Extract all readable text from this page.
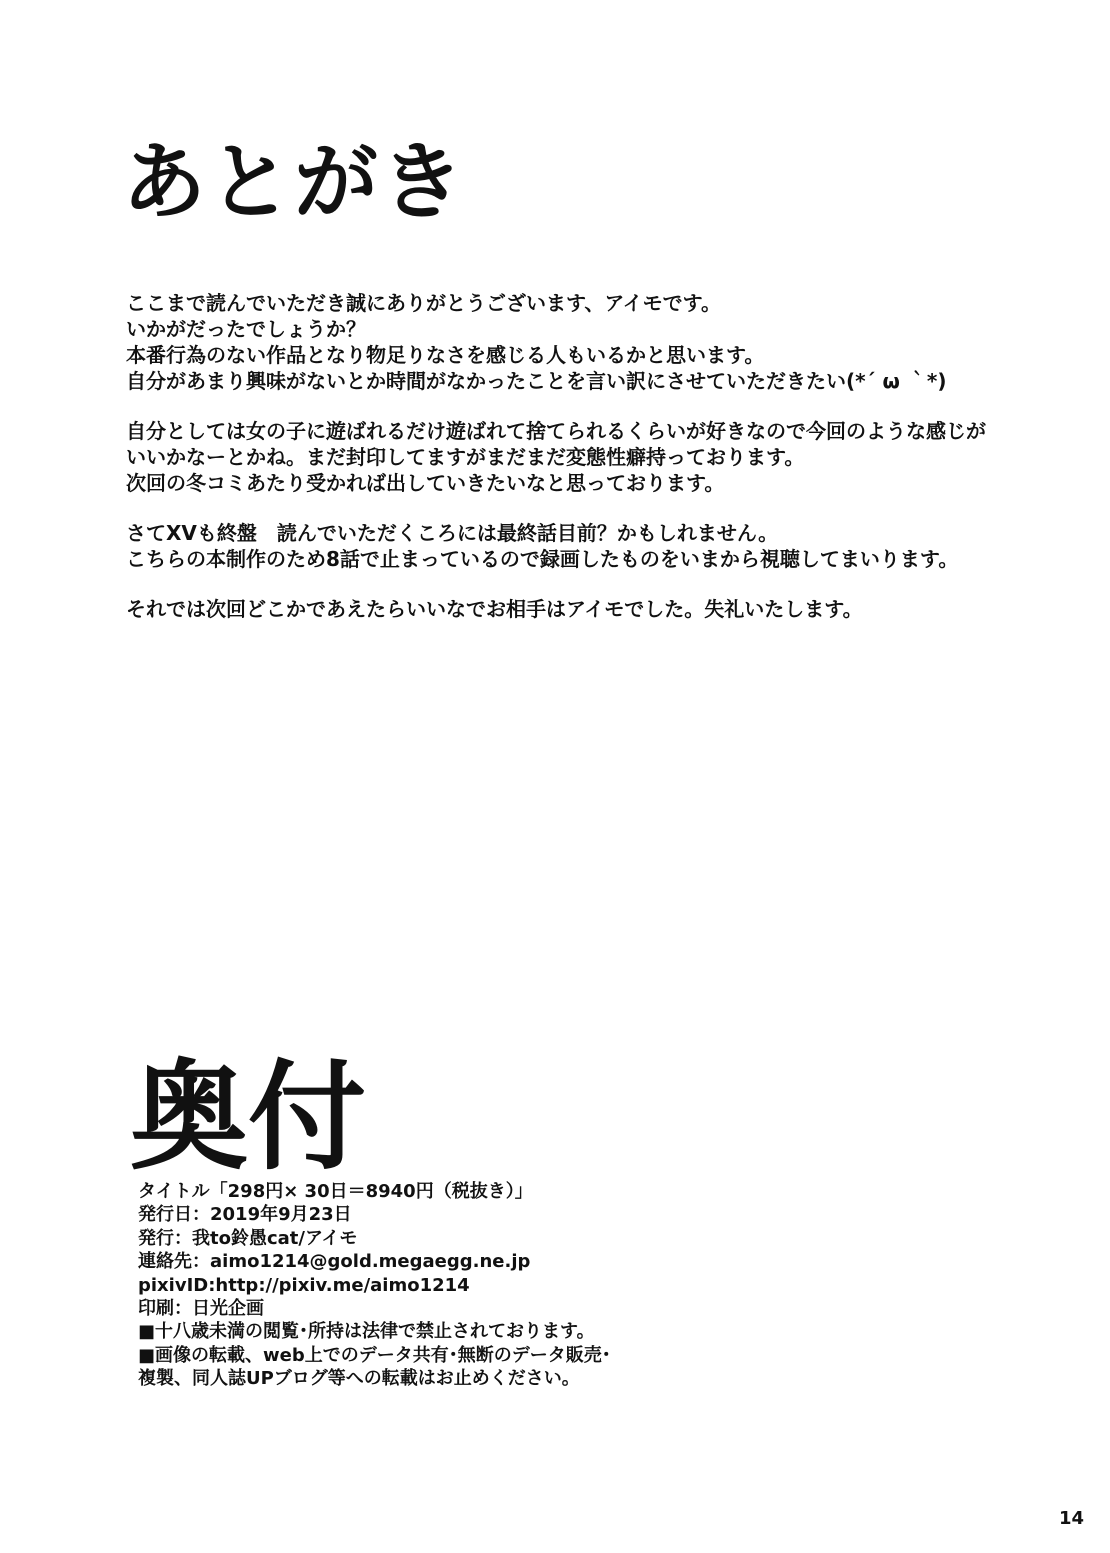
あとがき
ここまで読んでいただき誠にありがとうございます、アイモです。
いかがだったでしょうか？
本番行為のない作品となり物足りなさを感じる人もいるかと思います。
自分があまり興味がないとか時間がなかったことを言い訳にさせていただきたい(*´ ω ｀*)
自分としては女の子に遊ばれるだけ遊ばれて捨てられるくらいが好きなので今回のような感じが
いいかなーとかね。まだ封印してますがまだまだ変態性癖持っております。
次回の冬コミあたり受かれば出していきたいなと思っております。
さてXVも終盤　読んでいただくころには最終話目前？かもしれません。
こちらの本制作のため8話で止まっているので録画したものをいまから視聴してまいります。
それでは次回どこかであえたらいいなでお相手はアイモでした。失礼いたします。
奥付
タイトル「298円× 30日＝8940円（税抜き）」
発行日：2019年9月23日
発行：我to鈴愚cat/アイモ
連絡先：aimo1214@gold.megaegg.ne.jp
pixivID:http://pixiv.me/aimo1214
印刷：日光企画
■十八歳未満の閲覧･所持は法律で禁止されております。
■画像の転載、web上でのデータ共有･無断のデータ販売･
複製、同人誌UPブログ等への転載はお止めください。
14
